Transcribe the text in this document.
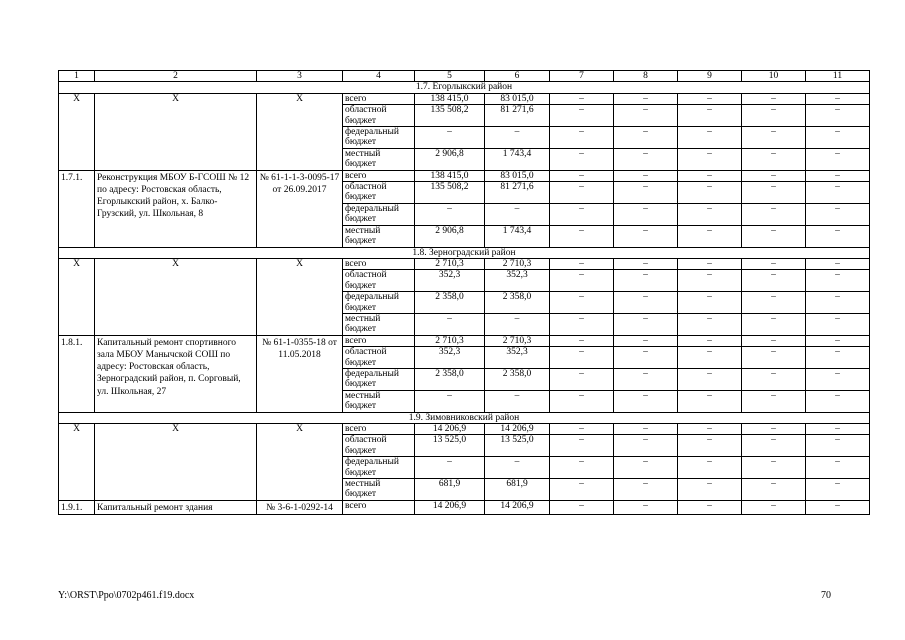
1	2	3	4	5	6	7	8	9	10	11
1.7. Егорлыкский район										
Х	Х	Х	всего	138 415,0	83 015,0	–	–	–	–	–
			областной бюджет	135 508,2	81 271,6	–	–	–	–	–
			федеральный бюджет	–	–	–	–	–	–	–
			местный бюджет	2 906,8	1 743,4	–	–	–	–	–
1.7.1.	Реконструкция МБОУ Б-ГСОШ № 12 по адресу: Ростовская область, Егорлыкский район, х. Балко-Грузский, ул. Школьная, 8	№ 61-1-1-3-0095-17 от 26.09.2017	всего	138 415,0	83 015,0	–	–	–	–	–
			областной бюджет	135 508,2	81 271,6	–	–	–	–	–
			федеральный бюджет	–	–	–	–	–	–	–
			местный бюджет	2 906,8	1 743,4	–	–	–	–	–
1.8. Зерноградский район										
Х	Х	Х	всего	2 710,3	2 710,3	–	–	–	–	–
			областной бюджет	352,3	352,3	–	–	–	–	–
			федеральный бюджет	2 358,0	2 358,0	–	–	–	–	–
			местный бюджет	–	–	–	–	–	–	–
1.8.1.	Капитальный ремонт спортивного зала МБОУ Манычской СОШ по адресу: Ростовская область, Зерноградский район, п. Сорговый, ул. Школьная, 27	№ 61-1-0355-18 от 11.05.2018	всего	2 710,3	2 710,3	–	–	–	–	–
			областной бюджет	352,3	352,3	–	–	–	–	–
			федеральный бюджет	2 358,0	2 358,0	–	–	–	–	–
			местный бюджет	–	–	–	–	–	–	–
1.9. Зимовниковский район										
Х	Х	Х	всего	14 206,9	14 206,9	–	–	–	–	–
			областной бюджет	13 525,0	13 525,0	–	–	–	–	–
			федеральный бюджет	–	–	–	–	–	–	–
			местный бюджет	681,9	681,9	–	–	–	–	–
1.9.1.	Капитальный ремонт здания	№ 3-6-1-0292-14	всего	14 206,9	14 206,9	–	–	–	–	–
Y:\ORST\Ppo\0702p461.f19.docx	70
